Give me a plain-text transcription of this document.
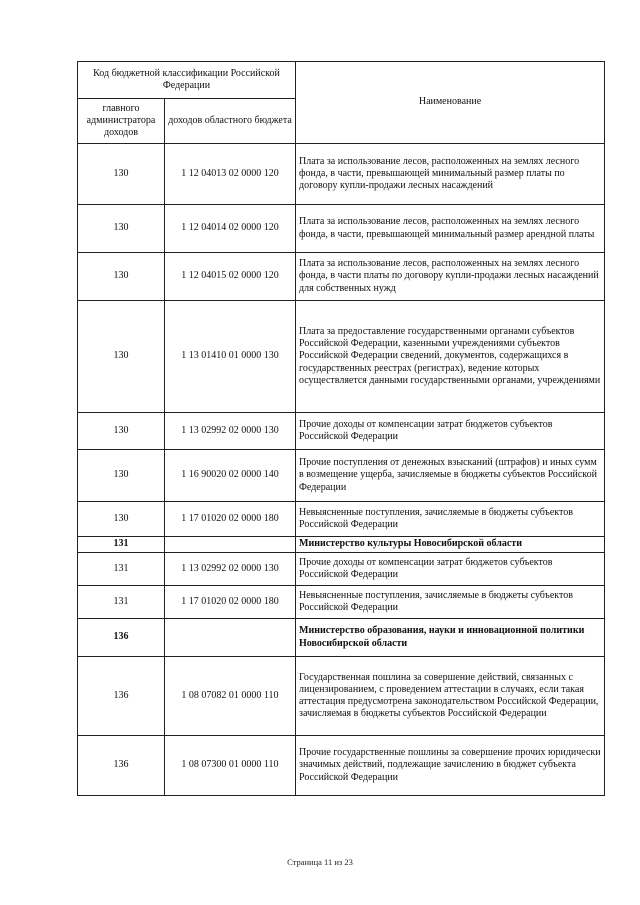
Код бюджетной классификации Российской Федерации		Наименование
главного администратора доходов	доходов областного бюджета	
130	1 12 04013 02 0000 120	Плата за использование лесов, расположенных на землях лесного фонда, в части, превышающей минимальный размер платы по договору купли-продажи лесных насаждений
130	1 12 04014 02 0000 120	Плата за использование лесов, расположенных на землях лесного фонда, в части, превышающей минимальный размер арендной платы
130	1 12 04015 02 0000 120	Плата за использование лесов, расположенных на землях лесного фонда, в части платы по договору купли-продажи лесных насаждений для собственных нужд
130	1 13 01410 01 0000 130	Плата за предоставление государственными органами субъектов Российской Федерации, казенными учреждениями субъектов Российской Федерации сведений, документов, содержащихся в государственных реестрах (регистрах), ведение которых осуществляется данными государственными органами, учреждениями
130	1 13 02992 02 0000 130	Прочие доходы от компенсации затрат бюджетов субъектов Российской Федерации
130	1 16 90020 02 0000 140	Прочие поступления от денежных взысканий (штрафов) и иных сумм в возмещение ущерба, зачисляемые в бюджеты субъектов Российской Федерации
130	1 17 01020 02 0000 180	Невыясненные поступления, зачисляемые в бюджеты субъектов Российской Федерации
131		Министерство культуры Новосибирской области
131	1 13 02992 02 0000 130	Прочие доходы от компенсации затрат бюджетов субъектов Российской Федерации
131	1 17 01020 02 0000 180	Невыясненные поступления, зачисляемые в бюджеты субъектов Российской Федерации
136		Министерство образования, науки и инновационной политики Новосибирской области
136	1 08 07082 01 0000 110	Государственная пошлина за совершение действий, связанных с лицензированием, с проведением аттестации в случаях, если такая аттестация предусмотрена законодательством Российской Федерации, зачисляемая в бюджеты субъектов Российской Федерации
136	1 08 07300 01 0000 110	Прочие государственные пошлины за совершение прочих юридически значимых действий, подлежащие зачислению в бюджет субъекта Российской Федерации
Страница 11 из 23
